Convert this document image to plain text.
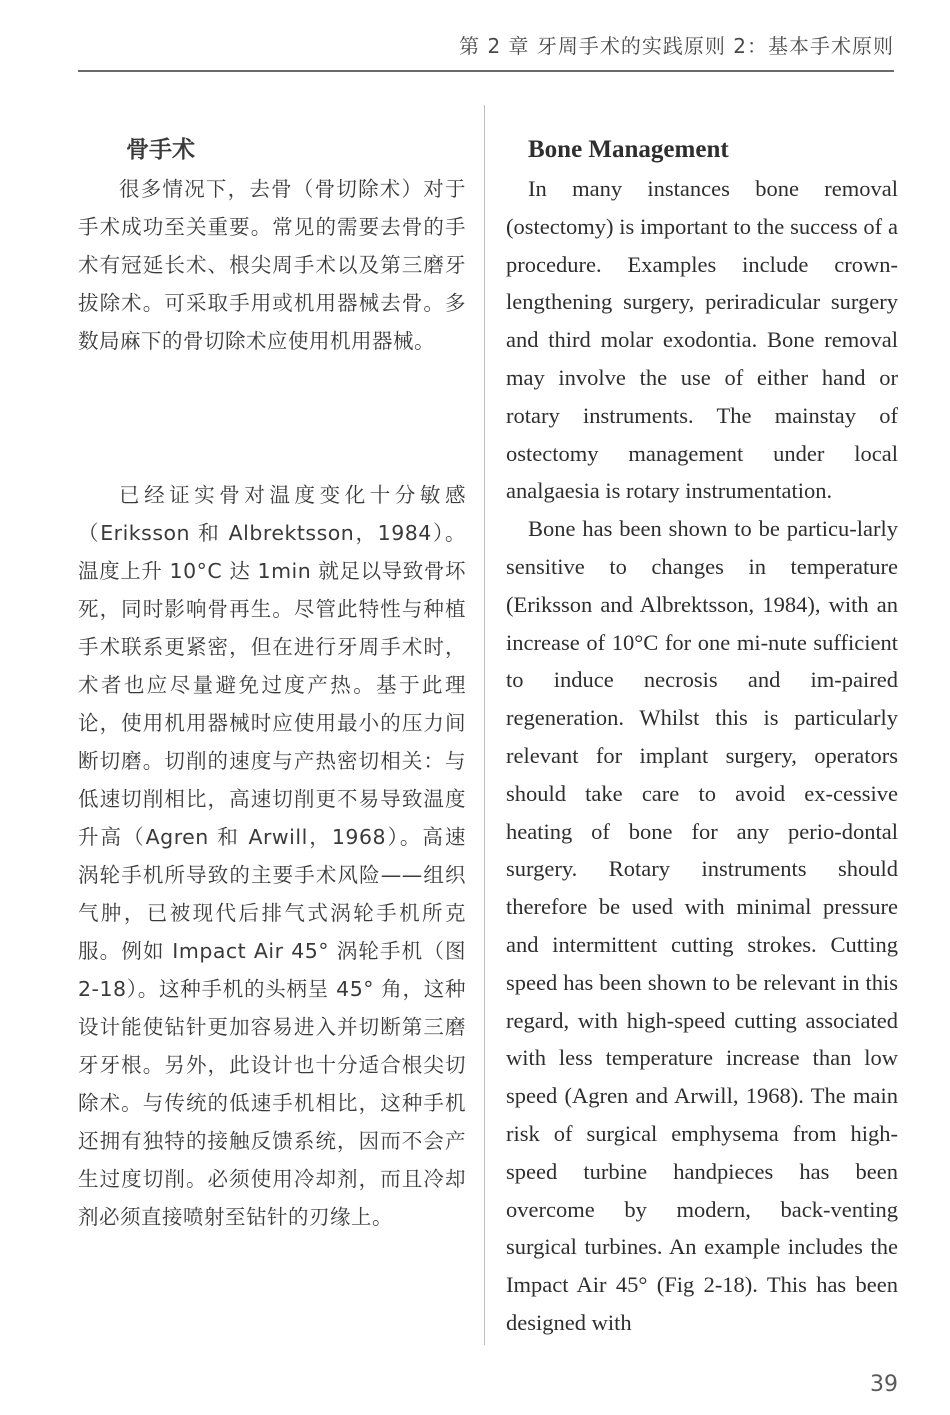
第 2 章 牙周手术的实践原则 2：基本手术原则
骨手术

很多情况下，去骨（骨切除术）对于手术成功至关重要。常见的需要去骨的手术有冠延长术、根尖周手术以及第三磨牙拔除术。可采取手用或机用器械去骨。多数局麻下的骨切除术应使用机用器械。

已经证实骨对温度变化十分敏感（Eriksson 和 Albrektsson，1984）。温度上升 10°C 达 1min 就足以导致骨坏死，同时影响骨再生。尽管此特性与种植手术联系更紧密，但在进行牙周手术时，术者也应尽量避免过度产热。基于此理论，使用机用器械时应使用最小的压力间断切磨。切削的速度与产热密切相关：与低速切削相比，高速切削更不易导致温度升高（Agren 和 Arwill，1968）。高速涡轮手机所导致的主要手术风险——组织气肿，已被现代后排气式涡轮手机所克服。例如 Impact Air 45° 涡轮手机（图 2-18）。这种手机的头柄呈 45° 角，这种设计能使钻针更加容易进入并切断第三磨牙牙根。另外，此设计也十分适合根尖切除术。与传统的低速手机相比，这种手机还拥有独特的接触反馈系统，因而不会产生过度切削。必须使用冷却剂，而且冷却剂必须直接喷射至钻针的刃缘上。

Bone Management

In many instances bone removal (ostectomy) is important to the success of a procedure. Examples include crown-lengthening surgery, periradicular surgery and third molar exodontia. Bone removal may involve the use of either hand or rotary instruments. The mainstay of ostectomy management under local analgaesia is rotary instrumentation.

Bone has been shown to be particu-larly sensitive to changes in temperature (Eriksson and Albrektsson, 1984), with an increase of 10°C for one mi-nute sufficient to induce necrosis and im-paired regeneration. Whilst this is particularly relevant for implant surgery, operators should take care to avoid ex-cessive heating of bone for any perio-dontal surgery. Rotary instruments should therefore be used with minimal pressure and intermittent cutting strokes. Cutting speed has been shown to be relevant in this regard, with high-speed cutting associated with less temperature increase than low speed (Agren and Arwill, 1968). The main risk of surgical emphysema from high-speed turbine handpieces has been overcome by modern, back-venting surgical turbines. An example includes the Impact Air 45° (Fig 2-18). This has been designed with

39
